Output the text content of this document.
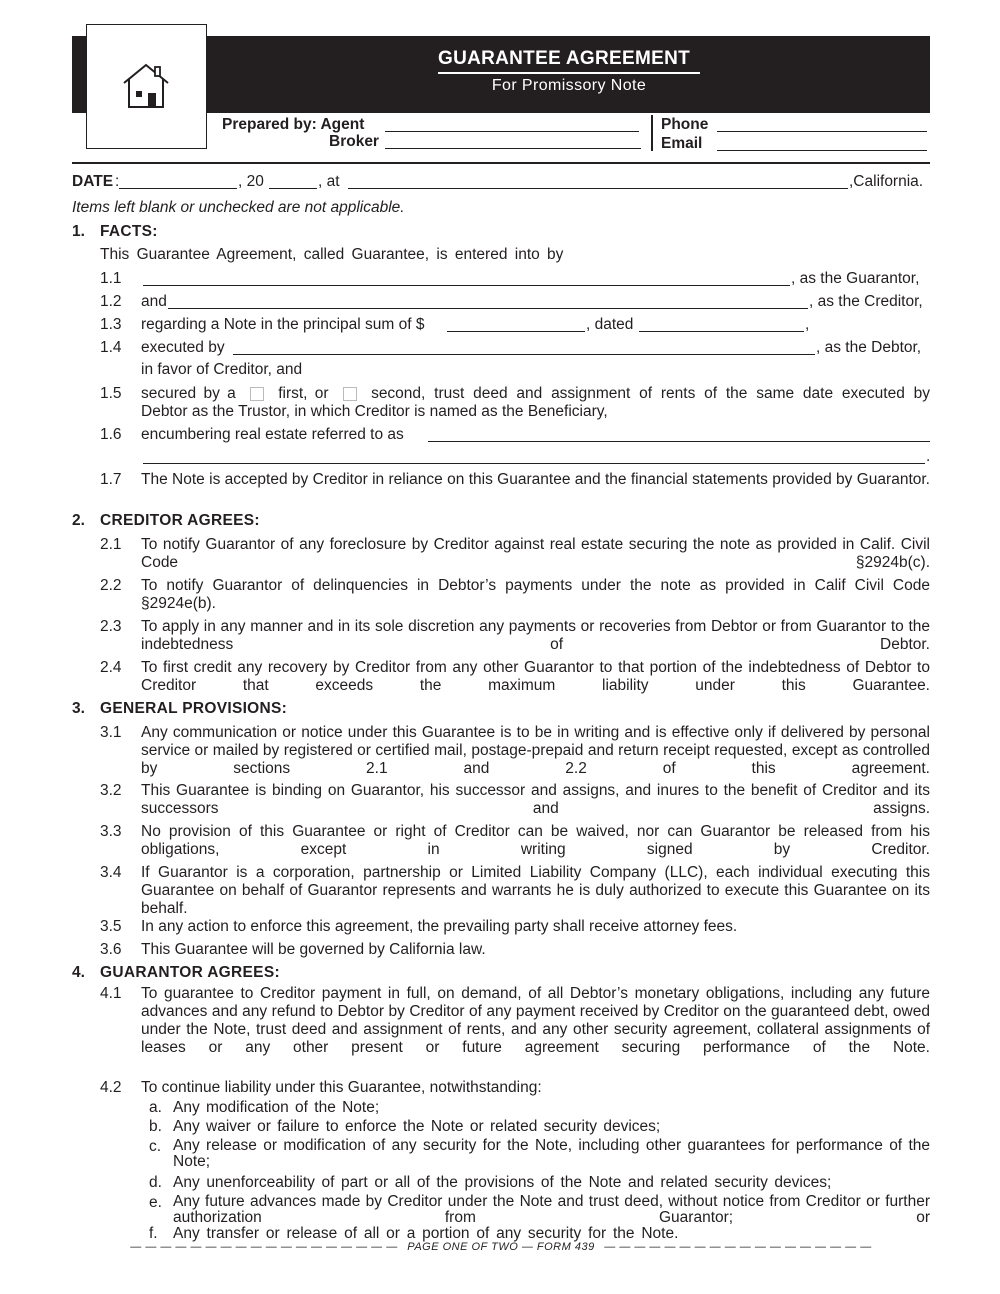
GUARANTEE AGREEMENT
For Promissory Note
Prepared by: Agent
Broker
Phone
Email
DATE :	, 20	, at	,California.
Items left blank or unchecked are not applicable.
1. FACTS:
This Guarantee Agreement, called Guarantee, is entered into by
1.1	, as the Guarantor,
1.2 and	, as the Creditor,
1.3 regarding a Note in the principal sum of $	, dated	,
1.4 executed by	, as the Debtor,
in favor of Creditor, and
1.5 secured by a	first, or	second, trust deed and assignment of rents of the same date executed by
Debtor as the Trustor, in which Creditor is named as the Beneficiary,
1.6 encumbering real estate referred to as
.
1.7 The Note is accepted by Creditor in reliance on this Guarantee and the financial statements provided by Guarantor.
2. CREDITOR AGREES:
2.1 To notify Guarantor of any foreclosure by Creditor against real estate securing the note as provided in Calif. Civil Code §2924b(c).
2.2 To notify Guarantor of delinquencies in Debtor’s payments under the note as provided in Calif Civil Code §2924e(b).
2.3 To apply in any manner and in its sole discretion any payments or recoveries from Debtor or from Guarantor to the indebtedness of Debtor.
2.4 To first credit any recovery by Creditor from any other Guarantor to that portion of the indebtedness of Debtor to Creditor that exceeds the maximum liability under this Guarantee.
3. GENERAL PROVISIONS:
3.1 Any communication or notice under this Guarantee is to be in writing and is effective only if delivered by personal service or mailed by registered or certified mail, postage-prepaid and return receipt requested, except as controlled by sections 2.1 and 2.2 of this agreement.
3.2 This Guarantee is binding on Guarantor, his successor and assigns, and inures to the benefit of Creditor and its successors and assigns.
3.3 No provision of this Guarantee or right of Creditor can be waived, nor can Guarantor be released from his obligations, except in writing signed by Creditor.
3.4 If Guarantor is a corporation, partnership or Limited Liability Company (LLC), each individual executing this Guarantee on behalf of Guarantor represents and warrants he is duly authorized to execute this Guarantee on its behalf.
3.5 In any action to enforce this agreement, the prevailing party shall receive attorney fees.
3.6 This Guarantee will be governed by California law.
4. GUARANTOR AGREES:
4.1 To guarantee to Creditor payment in full, on demand, of all Debtor’s monetary obligations, including any future advances and any refund to Debtor by Creditor of any payment received by Creditor on the guaranteed debt, owed under the Note, trust deed and assignment of rents, and any other security agreement, collateral assignments of leases or any other present or future agreement securing performance of the Note.
4.2 To continue liability under this Guarantee, notwithstanding:
a. Any modification of the Note;
b. Any waiver or failure to enforce the Note or related security devices;
c. Any release or modification of any security for the Note, including other guarantees for performance of the Note;
d. Any unenforceability of part or all of the provisions of the Note and related security devices;
e. Any future advances made by Creditor under the Note and trust deed, without notice from Creditor or further authorization from Guarantor; or
f. Any transfer or release of all or a portion of any security for the Note.
— — — — — — — — — — — — — — — — — — PAGE ONE OF TWO — FORM 439 — — — — — — — — — — — — — — — — — —
